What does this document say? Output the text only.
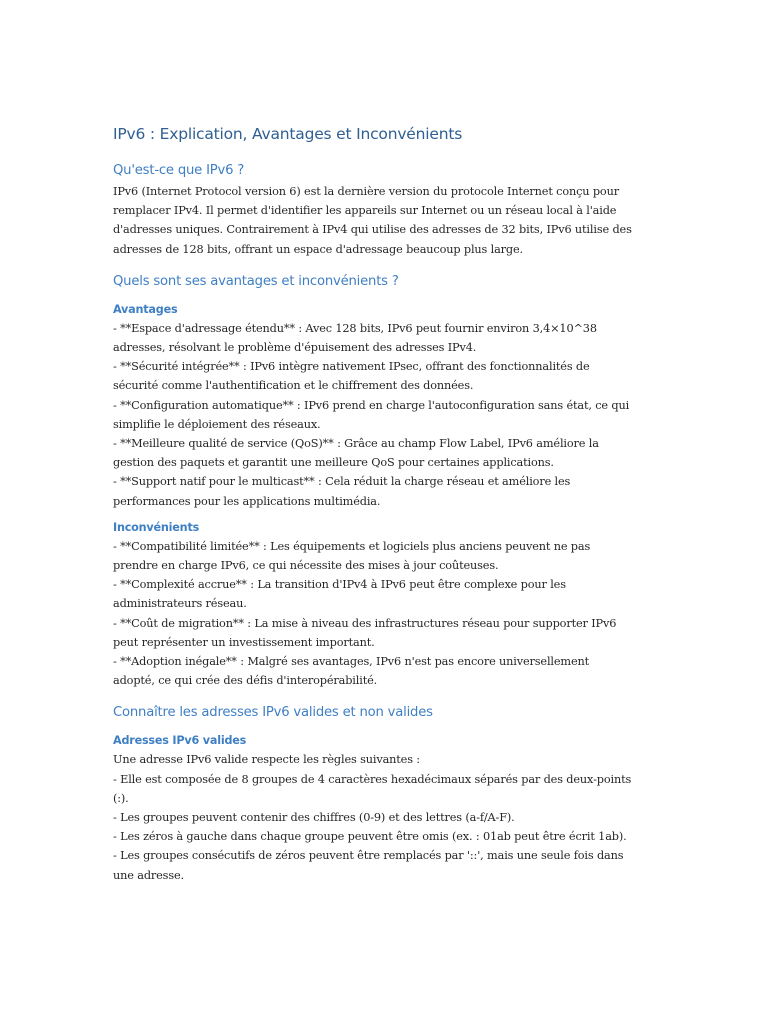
IPv6 : Explication, Avantages et Inconvénients
Qu'est-ce que IPv6 ?
IPv6 (Internet Protocol version 6) est la dernière version du protocole Internet conçu pour
remplacer IPv4. Il permet d'identifier les appareils sur Internet ou un réseau local à l'aide
d'adresses uniques. Contrairement à IPv4 qui utilise des adresses de 32 bits, IPv6 utilise des
adresses de 128 bits, offrant un espace d'adressage beaucoup plus large.
Quels sont ses avantages et inconvénients ?
Avantages
- **Espace d'adressage étendu** : Avec 128 bits, IPv6 peut fournir environ 3,4×10^38
adresses, résolvant le problème d'épuisement des adresses IPv4.
- **Sécurité intégrée** : IPv6 intègre nativement IPsec, offrant des fonctionnalités de
sécurité comme l'authentification et le chiffrement des données.
- **Configuration automatique** : IPv6 prend en charge l'autoconfiguration sans état, ce qui
simplifie le déploiement des réseaux.
- **Meilleure qualité de service (QoS)** : Grâce au champ Flow Label, IPv6 améliore la
gestion des paquets et garantit une meilleure QoS pour certaines applications.
- **Support natif pour le multicast** : Cela réduit la charge réseau et améliore les
performances pour les applications multimédia.
Inconvénients
- **Compatibilité limitée** : Les équipements et logiciels plus anciens peuvent ne pas
prendre en charge IPv6, ce qui nécessite des mises à jour coûteuses.
- **Complexité accrue** : La transition d'IPv4 à IPv6 peut être complexe pour les
administrateurs réseau.
- **Coût de migration** : La mise à niveau des infrastructures réseau pour supporter IPv6
peut représenter un investissement important.
- **Adoption inégale** : Malgré ses avantages, IPv6 n'est pas encore universellement
adopté, ce qui crée des défis d'interopérabilité.
Connaître les adresses IPv6 valides et non valides
Adresses IPv6 valides
Une adresse IPv6 valide respecte les règles suivantes :
- Elle est composée de 8 groupes de 4 caractères hexadécimaux séparés par des deux-points
(:).
- Les groupes peuvent contenir des chiffres (0-9) et des lettres (a-f/A-F).
- Les zéros à gauche dans chaque groupe peuvent être omis (ex. : 01ab peut être écrit 1ab).
- Les groupes consécutifs de zéros peuvent être remplacés par '::', mais une seule fois dans
une adresse.
